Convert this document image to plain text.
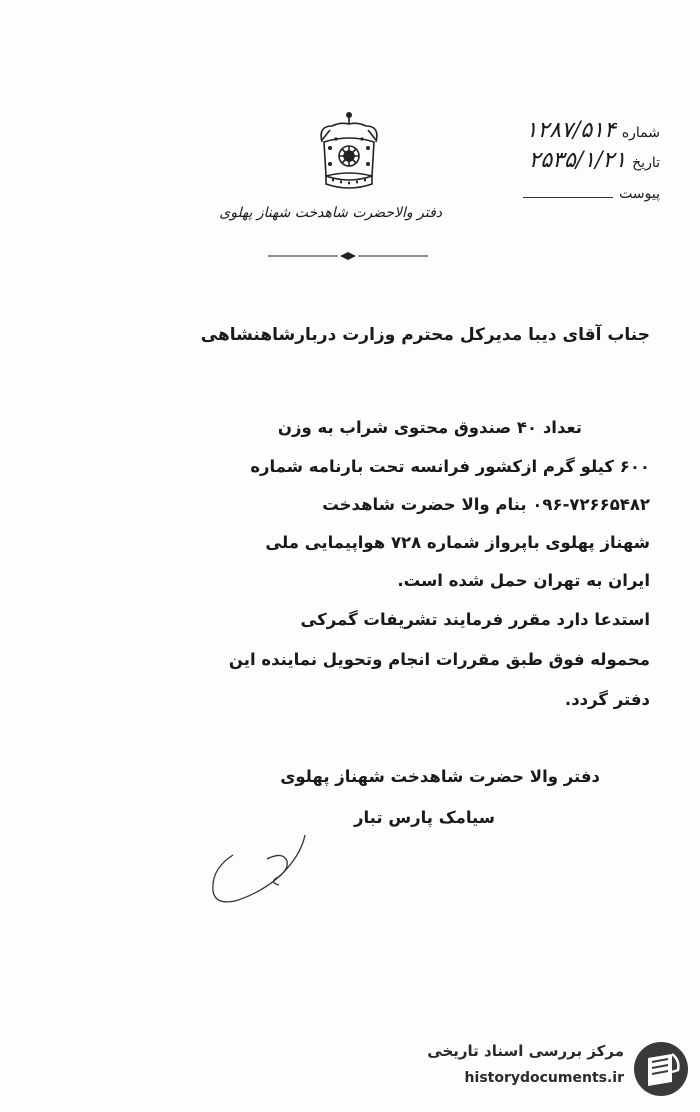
شماره
۱۲۸۷/۵۱۴
تاریخ
۲۵۳۵/۱/۲۱
پیوست
دفتر والاحضرت شاهدخت شهناز پهلوی
جناب آقای دیبا مدیرکل محترم وزارت دربارشاهنشاهی
تعداد ۴۰ صندوق محتوی شراب به وزن
۶۰۰ کیلو گرم ازکشور فرانسه تحت بارنامه شماره
۰۹۶-۷۲۶۶۵۴۸۲ بنام والا حضرت شاهدخت
شهناز پهلوی باپرواز شماره ۷۲۸ هواپیمایی ملی
ایران به تهران حمل شده است.
استدعا دارد مقرر فرمایند تشریفات گمرکی
محموله فوق طبق مقررات انجام وتحویل نماینده این
دفتر گردد.
دفتر والا حضرت شاهدخت شهناز پهلوی
سیامک پارس تبار
مرکز بررسی اسناد تاریخی
historydocuments.ir
